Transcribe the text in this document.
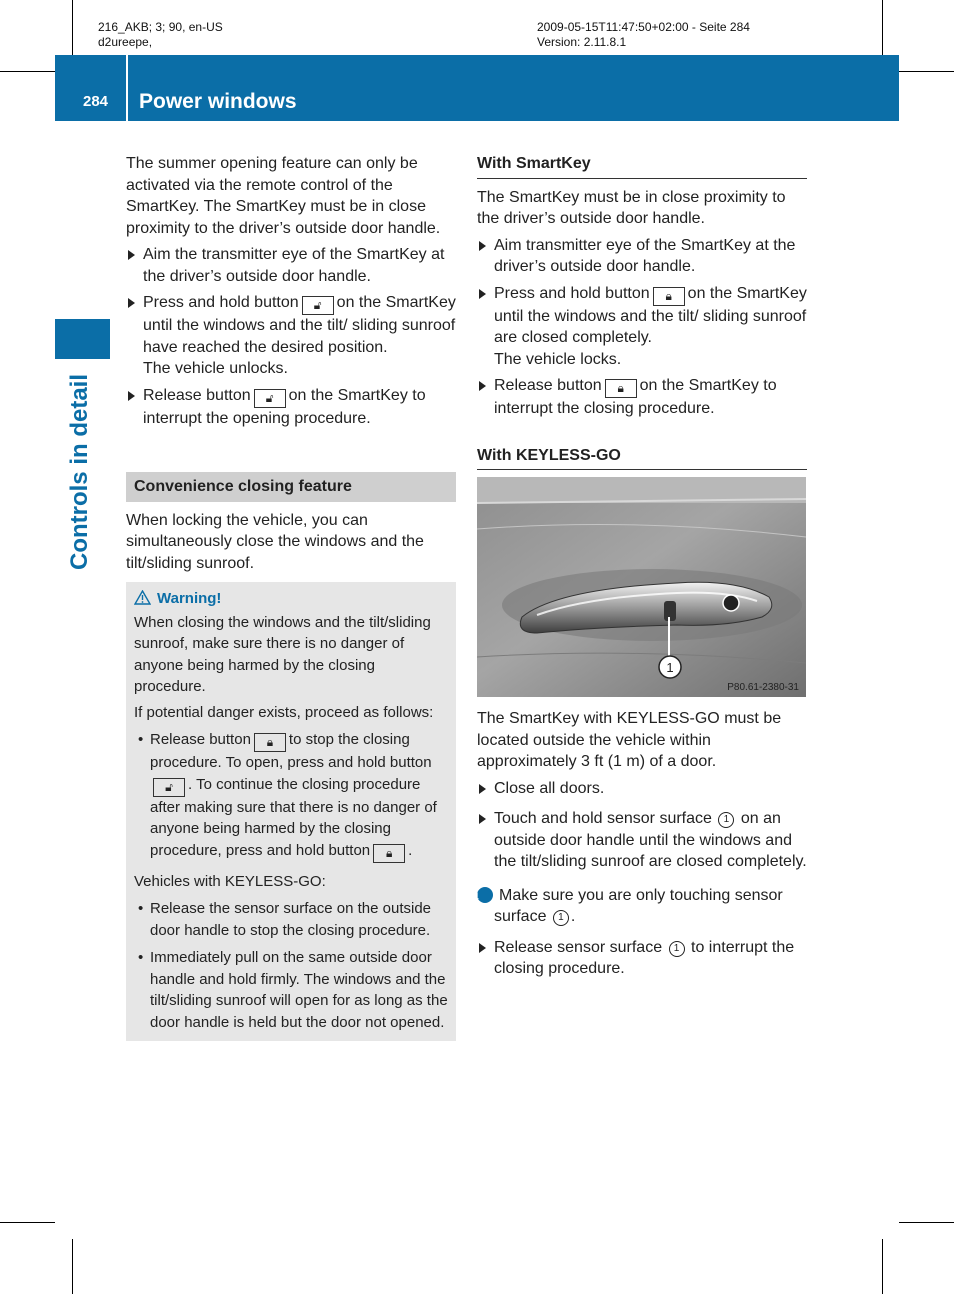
216_AKB; 3; 90, en-US
d2ureepe,
2009-05-15T11:47:50+02:00 - Seite 284
Version: 2.11.8.1
284 Power windows
Controls in detail

The summer opening feature can only be activated via the remote control of the SmartKey. The SmartKey must be in close proximity to the driver’s outside door handle.

Aim the transmitter eye of the SmartKey at the driver’s outside door handle.
Press and hold button 🔓︎ on the SmartKey until the windows and the tilt/ sliding sunroof have reached the desired position.
The vehicle unlocks.
Release button 🔓︎ on the SmartKey to interrupt the opening procedure.
Convenience closing feature

When locking the vehicle, you can simultaneously close the windows and the tilt/sliding sunroof.

Warning!
When closing the windows and the tilt/sliding sunroof, make sure there is no danger of anyone being harmed by the closing procedure.
If potential danger exists, proceed as follows:
• Release button 🔒︎ to stop the closing procedure. To open, press and hold button 🔓︎ . To continue the closing procedure after making sure that there is no danger of anyone being harmed by the closing procedure, press and hold button 🔒︎ .
Vehicles with KEYLESS-GO:
• Release the sensor surface on the outside door handle to stop the closing procedure.
• Immediately pull on the same outside door handle and hold firmly. The windows and the tilt/sliding sunroof will open for as long as the door handle is held but the door not opened.
With SmartKey

The SmartKey must be in close proximity to the driver’s outside door handle.

Aim transmitter eye of the SmartKey at the driver’s outside door handle.
Press and hold button 🔒︎ on the SmartKey until the windows and the tilt/ sliding sunroof are closed completely.
The vehicle locks.
Release button 🔒︎ on the SmartKey to interrupt the closing procedure.
With KEYLESS-GO
1
P80.61-2380-31

The SmartKey with KEYLESS-GO must be located outside the vehicle within approximately 3 ft (1 m) of a door.

Close all doors.
Touch and hold sensor surface 1 on an outside door handle until the windows and the tilt/sliding sunroof are closed completely.
i Make sure you are only touching sensor surface 1 .
Release sensor surface 1 to interrupt the closing procedure.
